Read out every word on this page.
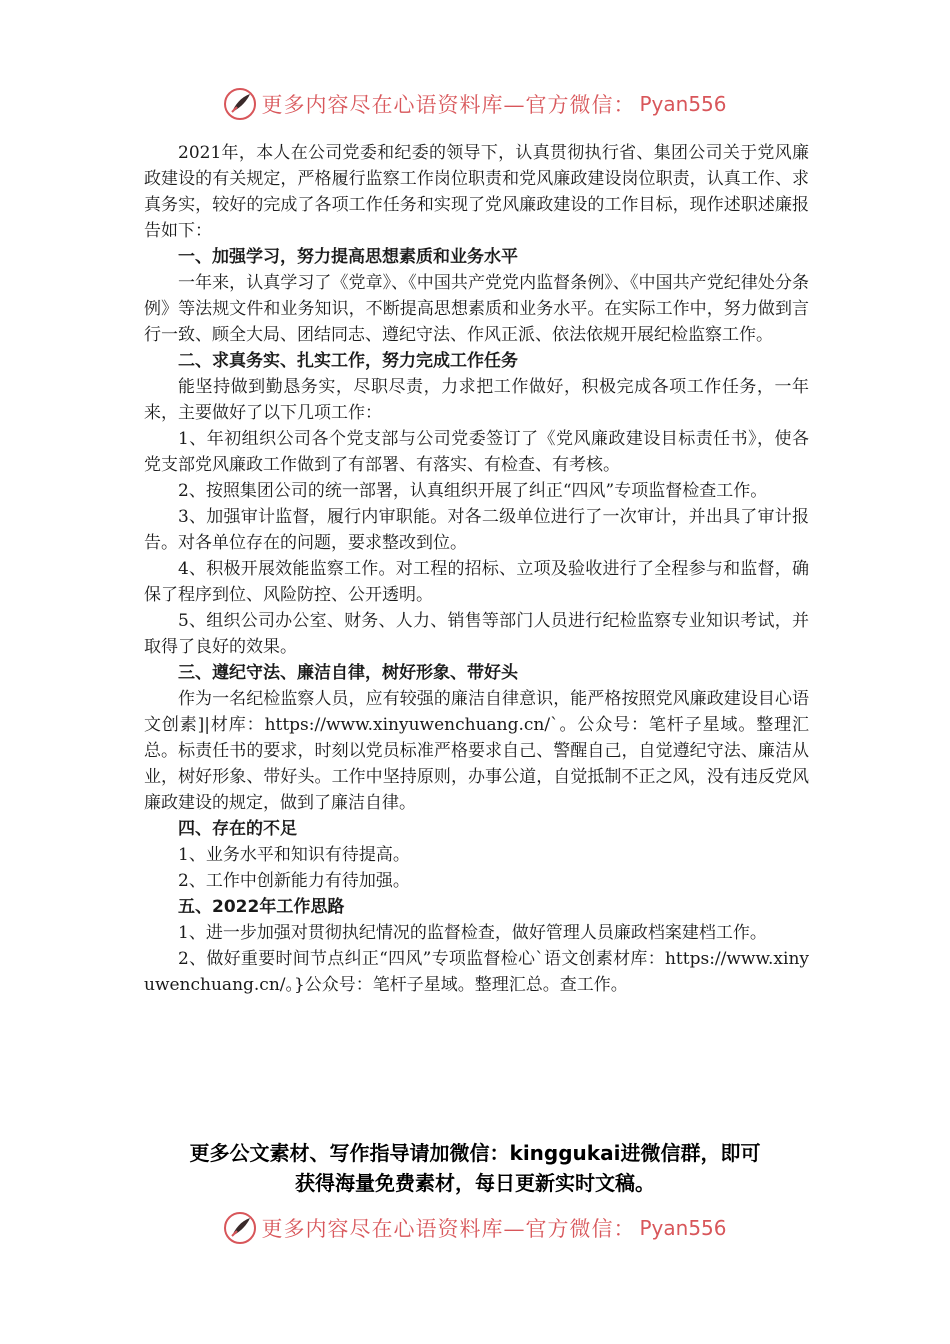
更多内容尽在心语资料库—官方微信： Pyan556

2021年，本人在公司党委和纪委的领导下，认真贯彻执行省、集团公司关于党风廉政建设的有关规定，严格履行监察工作岗位职责和党风廉政建设岗位职责，认真工作、求真务实，较好的完成了各项工作任务和实现了党风廉政建设的工作目标，现作述职述廉报告如下：

一、加强学习，努力提高思想素质和业务水平

一年来，认真学习了《党章》、《中国共产党党内监督条例》、《中国共产党纪律处分条例》等法规文件和业务知识，不断提高思想素质和业务水平。在实际工作中，努力做到言行一致、顾全大局、团结同志、遵纪守法、作风正派、依法依规开展纪检监察工作。

二、求真务实、扎实工作，努力完成工作任务

能坚持做到勤恳务实，尽职尽责，力求把工作做好，积极完成各项工作任务，一年来，主要做好了以下几项工作：

1、年初组织公司各个党支部与公司党委签订了《党风廉政建设目标责任书》，使各党支部党风廉政工作做到了有部署、有落实、有检查、有考核。

2、按照集团公司的统一部署，认真组织开展了纠正“四风”专项监督检查工作。

3、加强审计监督，履行内审职能。对各二级单位进行了一次审计，并出具了审计报告。对各单位存在的问题，要求整改到位。

4、积极开展效能监察工作。对工程的招标、立项及验收进行了全程参与和监督，确保了程序到位、风险防控、公开透明。

5、组织公司办公室、财务、人力、销售等部门人员进行纪检监察专业知识考试，并取得了良好的效果。

三、遵纪守法、廉洁自律，树好形象、带好头

作为一名纪检监察人员，应有较强的廉洁自律意识，能严格按照党风廉政建设目心语文创素]|材库：https://www.xinyuwenchuang.cn/`。公众号：笔杆子星域。整理汇总。标责任书的要求，时刻以党员标准严格要求自己、警醒自己，自觉遵纪守法、廉洁从业，树好形象、带好头。工作中坚持原则，办事公道，自觉抵制不正之风，没有违反党风廉政建设的规定，做到了廉洁自律。

四、存在的不足

1、业务水平和知识有待提高。

2、工作中创新能力有待加强。

五、2022年工作思路

1、进一步加强对贯彻执纪情况的监督检查，做好管理人员廉政档案建档工作。

2、做好重要时间节点纠正“四风”专项监督检心`语文创素材库：https://www.xinyuwenchuang.cn/。}公众号：笔杆子星域。整理汇总。查工作。

更多公文素材、写作指导请加微信：kinggukai进微信群，即可
获得海量免费素材，每日更新实时文稿。
更多内容尽在心语资料库—官方微信： Pyan556
